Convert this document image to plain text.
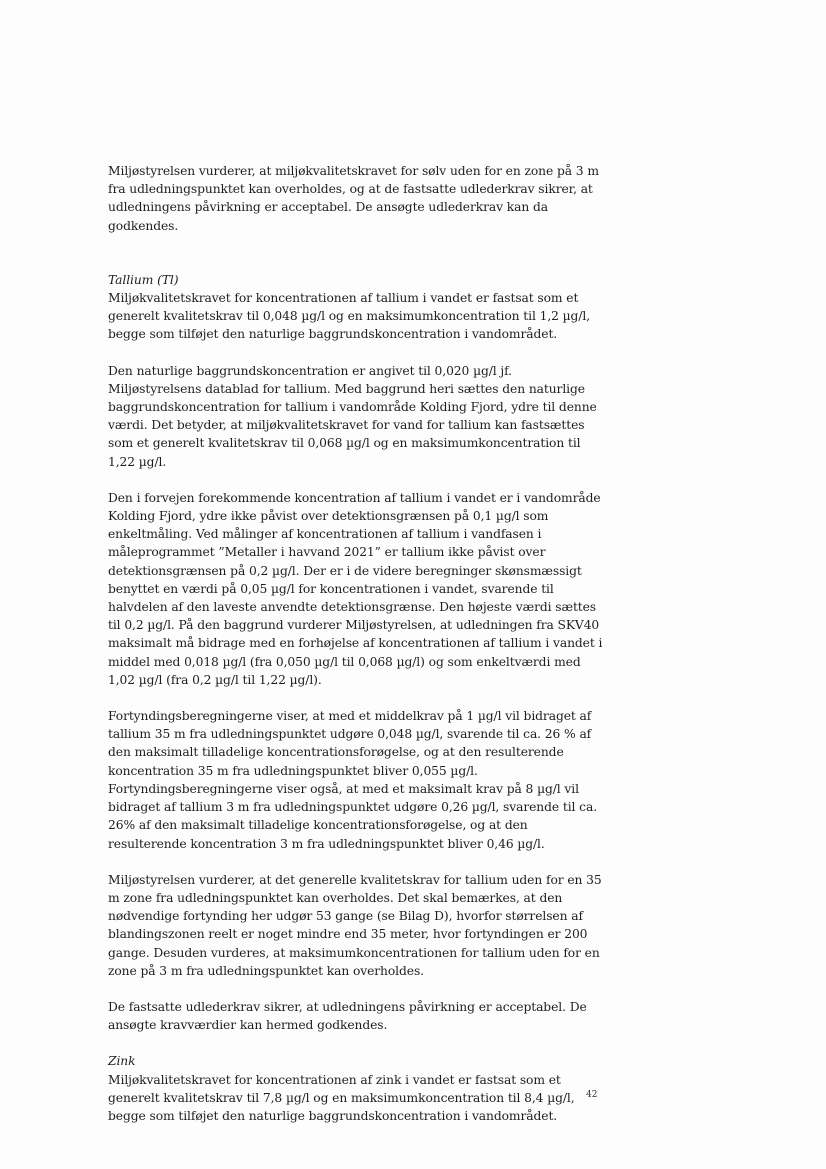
Miljøstyrelsen vurderer, at miljøkvalitetskravet for sølv uden for en zone på 3 m fra udledningspunktet kan overholdes, og at de fastsatte udlederkrav sikrer, at udledningens påvirkning er acceptabel. De ansøgte udlederkrav kan da godkendes.

Tallium (Tl)

Miljøkvalitetskravet for koncentrationen af tallium i vandet er fastsat som et generelt kvalitetskrav til 0,048 µg/l og en maksimumkoncentration til 1,2 µg/l, begge som tilføjet den naturlige baggrundskoncentration i vandområdet.

Den naturlige baggrundskoncentration er angivet til 0,020 µg/l jf. Miljøstyrelsens datablad for tallium. Med baggrund heri sættes den naturlige baggrundskoncentration for tallium i vandområde Kolding Fjord, ydre til denne værdi. Det betyder, at miljøkvalitetskravet for vand for tallium kan fastsættes som et generelt kvalitetskrav til 0,068 µg/l og en maksimumkoncentration til 1,22 µg/l.

Den i forvejen forekommende koncentration af tallium i vandet er i vandområde Kolding Fjord, ydre ikke påvist over detektionsgrænsen på 0,1 µg/l som enkeltmåling. Ved målinger af koncentrationen af tallium i vandfasen i måleprogrammet ”Metaller i havvand 2021” er tallium ikke påvist over detektionsgrænsen på 0,2 µg/l. Der er i de videre beregninger skønsmæssigt benyttet en værdi på 0,05 µg/l for koncentrationen i vandet, svarende til halvdelen af den laveste anvendte detektionsgrænse. Den højeste værdi sættes til 0,2 µg/l. På den baggrund vurderer Miljøstyrelsen, at udledningen fra SKV40 maksimalt må bidrage med en forhøjelse af koncentrationen af tallium i vandet i middel med 0,018 µg/l (fra 0,050 µg/l til 0,068 µg/l) og som enkeltværdi med 1,02 µg/l (fra 0,2 µg/l til 1,22 µg/l).

Fortyndingsberegningerne viser, at med et middelkrav på 1 µg/l vil bidraget af tallium 35 m fra udledningspunktet udgøre 0,048 µg/l, svarende til ca. 26 % af den maksimalt tilladelige koncentrationsforøgelse, og at den resulterende koncentration 35 m fra udledningspunktet bliver 0,055 µg/l.

Fortyndingsberegningerne viser også, at med et maksimalt krav på 8 µg/l vil bidraget af tallium 3 m fra udledningspunktet udgøre 0,26 µg/l, svarende til ca. 26% af den maksimalt tilladelige koncentrationsforøgelse, og at den resulterende koncentration 3 m fra udledningspunktet bliver 0,46 µg/l.

Miljøstyrelsen vurderer, at det generelle kvalitetskrav for tallium uden for en 35 m zone fra udledningspunktet kan overholdes. Det skal bemærkes, at den nødvendige fortynding her udgør 53 gange (se Bilag D), hvorfor størrelsen af blandingszonen reelt er noget mindre end 35 meter, hvor fortyndingen er 200 gange. Desuden vurderes, at maksimumkoncentrationen for tallium uden for en zone på 3 m fra udledningspunktet kan overholdes.

De fastsatte udlederkrav sikrer, at udledningens påvirkning er acceptabel. De ansøgte kravværdier kan hermed godkendes.

Zink

Miljøkvalitetskravet for koncentrationen af zink i vandet er fastsat som et generelt kvalitetskrav til 7,8 µg/l og en maksimumkoncentration til 8,4 µg/l, begge som tilføjet den naturlige baggrundskoncentration i vandområdet.

42
